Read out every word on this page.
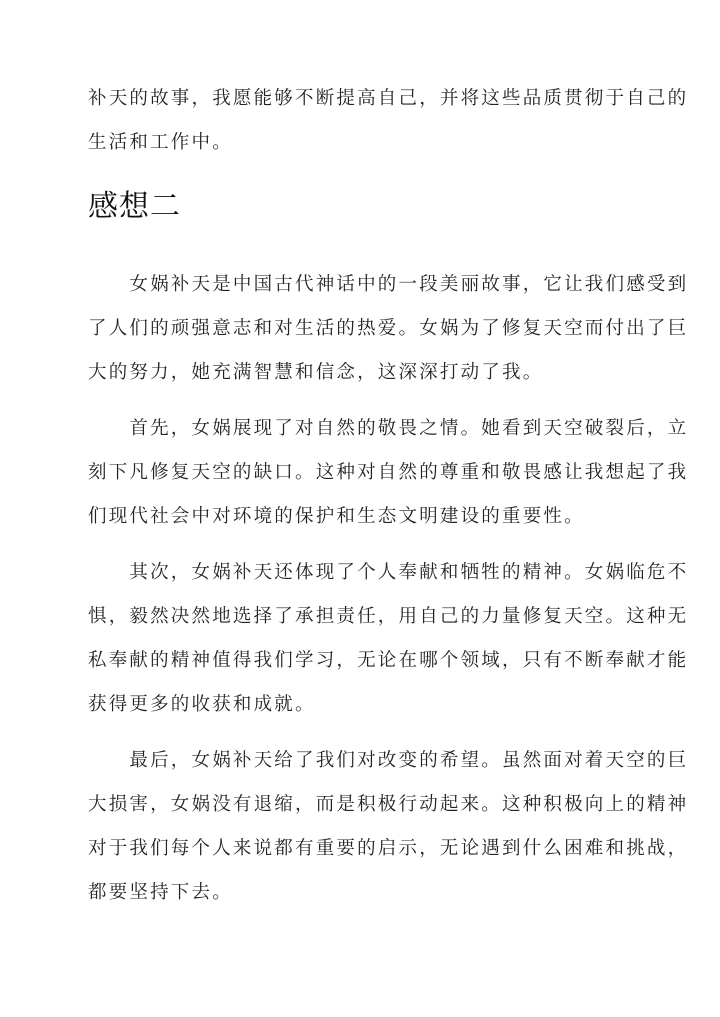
补天的故事，我愿能够不断提高自己，并将这些品质贯彻于自己的
生活和工作中。
感想二
　　女娲补天是中国古代神话中的一段美丽故事，它让我们感受到
了人们的顽强意志和对生活的热爱。女娲为了修复天空而付出了巨
大的努力，她充满智慧和信念，这深深打动了我。
　　首先，女娲展现了对自然的敬畏之情。她看到天空破裂后，立
刻下凡修复天空的缺口。这种对自然的尊重和敬畏感让我想起了我
们现代社会中对环境的保护和生态文明建设的重要性。
　　其次，女娲补天还体现了个人奉献和牺牲的精神。女娲临危不
惧，毅然决然地选择了承担责任，用自己的力量修复天空。这种无
私奉献的精神值得我们学习，无论在哪个领域，只有不断奉献才能
获得更多的收获和成就。
　　最后，女娲补天给了我们对改变的希望。虽然面对着天空的巨
大损害，女娲没有退缩，而是积极行动起来。这种积极向上的精神
对于我们每个人来说都有重要的启示，无论遇到什么困难和挑战，
都要坚持下去。
